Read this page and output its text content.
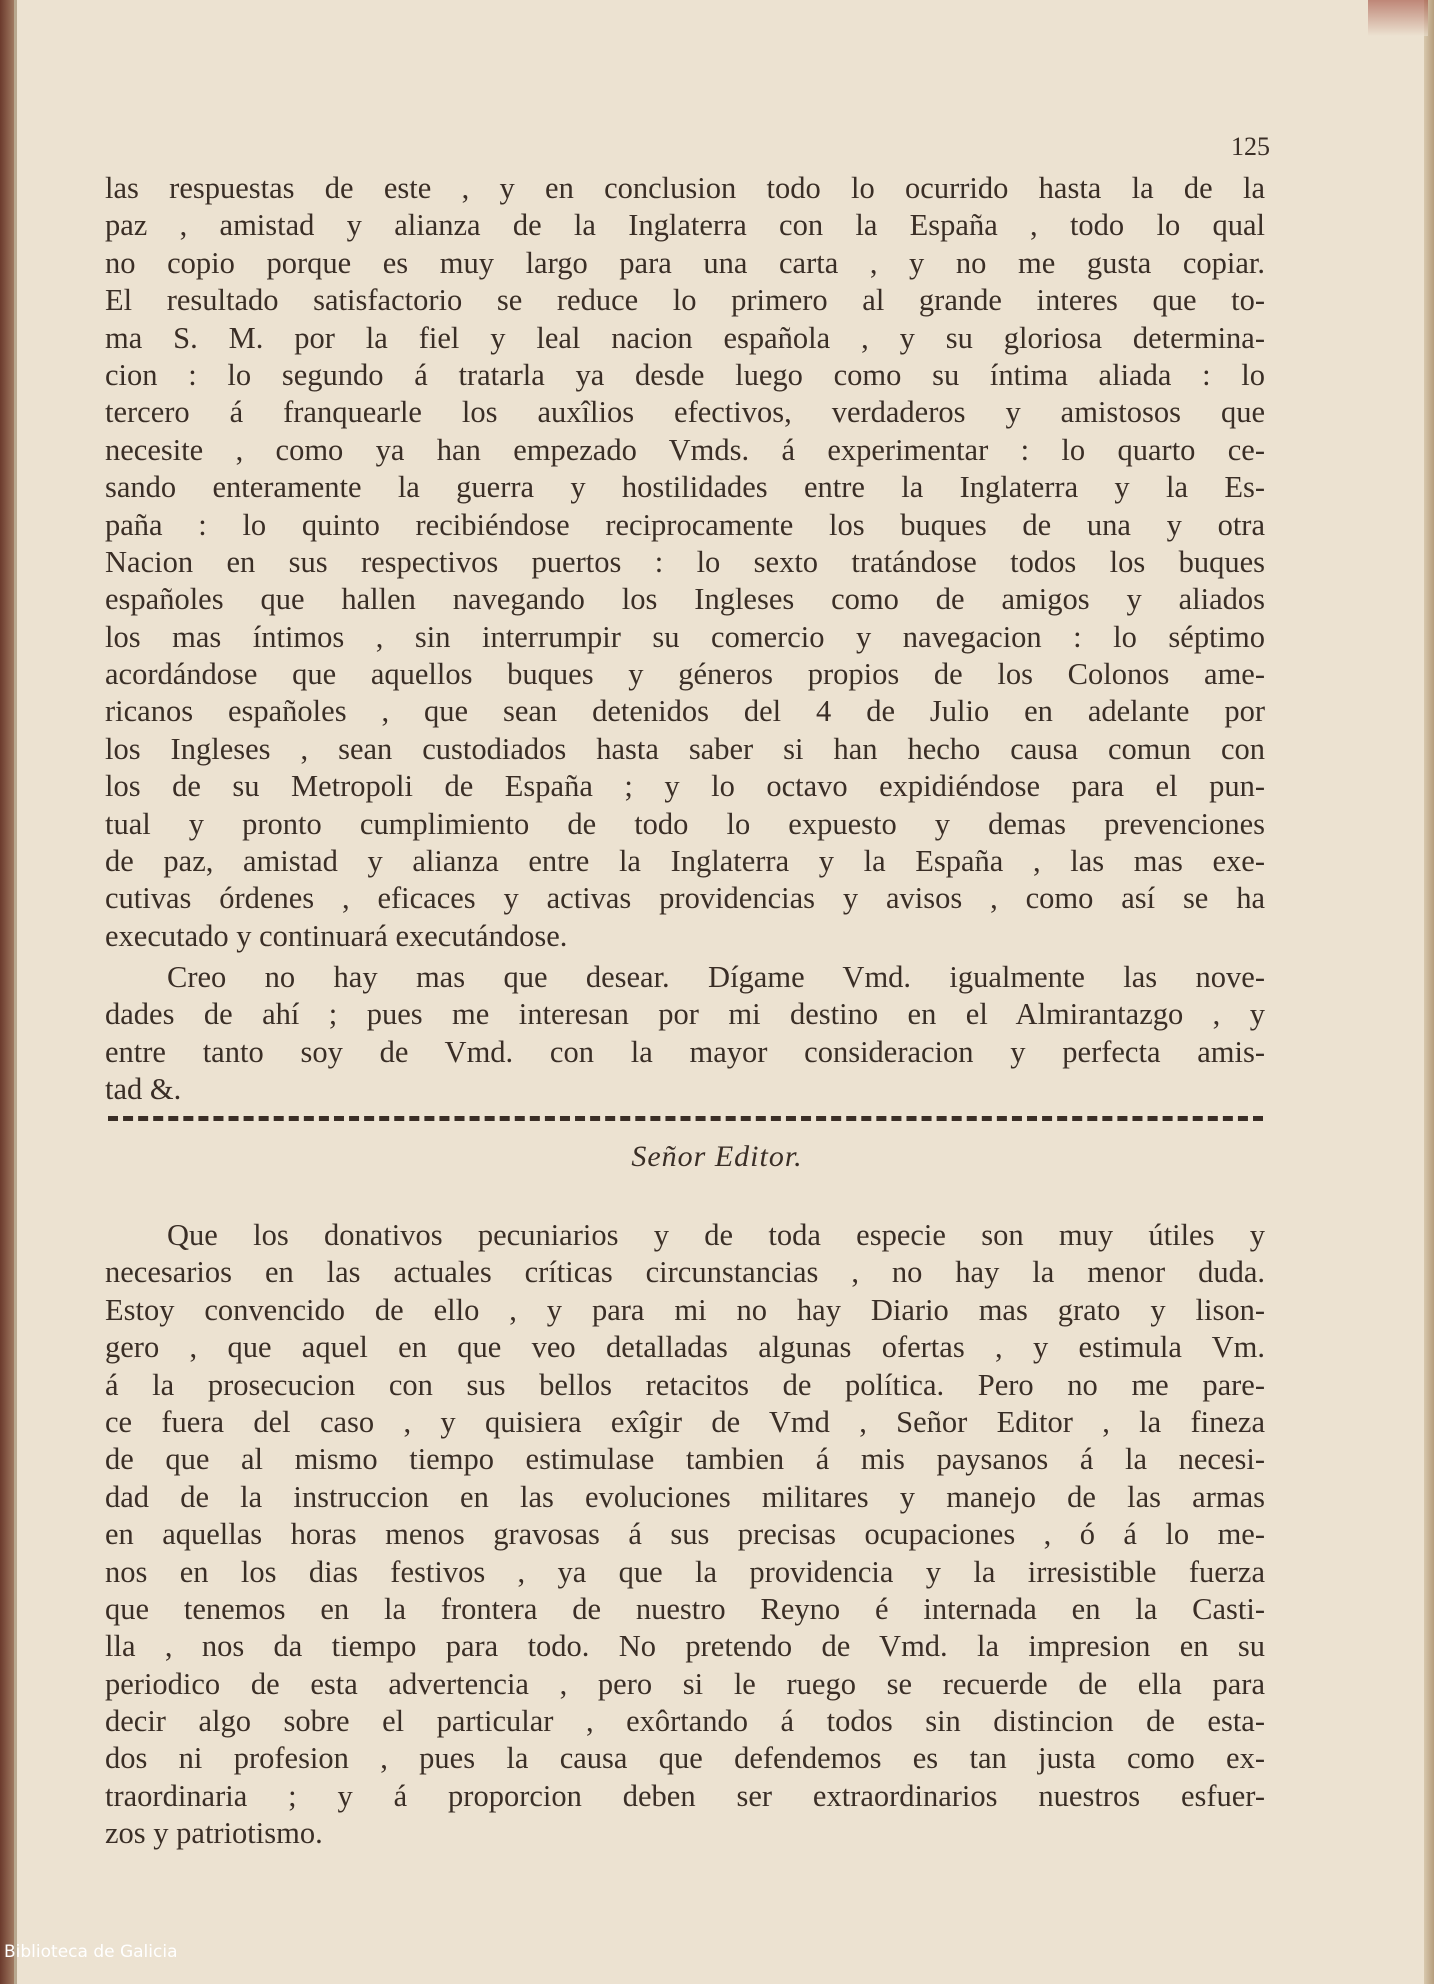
125
las respuestas de este , y en conclusion todo lo ocurrido hasta la de la
paz , amistad y alianza de la Inglaterra con la España , todo lo qual
no copio porque es muy largo para una carta , y no me gusta copiar.
El resultado satisfactorio se reduce lo primero al grande interes que to-
ma S. M. por la fiel y leal nacion española , y su gloriosa determina-
cion : lo segundo á tratarla ya desde luego como su íntima aliada : lo
tercero á franquearle los auxîlios efectivos, verdaderos y amistosos que
necesite , como ya han empezado Vmds. á experimentar : lo quarto ce-
sando enteramente la guerra y hostilidades entre la Inglaterra y la Es-
paña : lo quinto recibiéndose reciprocamente los buques de una y otra
Nacion en sus respectivos puertos : lo sexto tratándose todos los buques
españoles que hallen navegando los Ingleses como de amigos y aliados
los mas íntimos , sin interrumpir su comercio y navegacion : lo séptimo
acordándose que aquellos buques y géneros propios de los Colonos ame-
ricanos españoles , que sean detenidos del 4 de Julio en adelante por
los Ingleses , sean custodiados hasta saber si han hecho causa comun con
los de su Metropoli de España ; y lo octavo expidiéndose para el pun-
tual y pronto cumplimiento de todo lo expuesto y demas prevenciones
de paz, amistad y alianza entre la Inglaterra y la España , las mas exe-
cutivas órdenes , eficaces y activas providencias y avisos , como así se ha
executado y continuará executándose.
Creo no hay mas que desear. Dígame Vmd. igualmente las nove-
dades de ahí ; pues me interesan por mi destino en el Almirantazgo , y
entre tanto soy de Vmd. con la mayor consideracion y perfecta amis-
tad &.
Señor Editor.
Que los donativos pecuniarios y de toda especie son muy útiles y
necesarios en las actuales críticas circunstancias , no hay la menor duda.
Estoy convencido de ello , y para mi no hay Diario mas grato y lison-
gero , que aquel en que veo detalladas algunas ofertas , y estimula Vm.
á la prosecucion con sus bellos retacitos de política. Pero no me pare-
ce fuera del caso , y quisiera exîgir de Vmd , Señor Editor , la fineza
de que al mismo tiempo estimulase tambien á mis paysanos á la necesi-
dad de la instruccion en las evoluciones militares y manejo de las armas
en aquellas horas menos gravosas á sus precisas ocupaciones , ó á lo me-
nos en los dias festivos , ya que la providencia y la irresistible fuerza
que tenemos en la frontera de nuestro Reyno é internada en la Casti-
lla , nos da tiempo para todo. No pretendo de Vmd. la impresion en su
periodico de esta advertencia , pero si le ruego se recuerde de ella para
decir algo sobre el particular , exôrtando á todos sin distincion de esta-
dos ni profesion , pues la causa que defendemos es tan justa como ex-
traordinaria ; y á proporcion deben ser extraordinarios nuestros esfuer-
zos y patriotismo.
Biblioteca de Galicia
